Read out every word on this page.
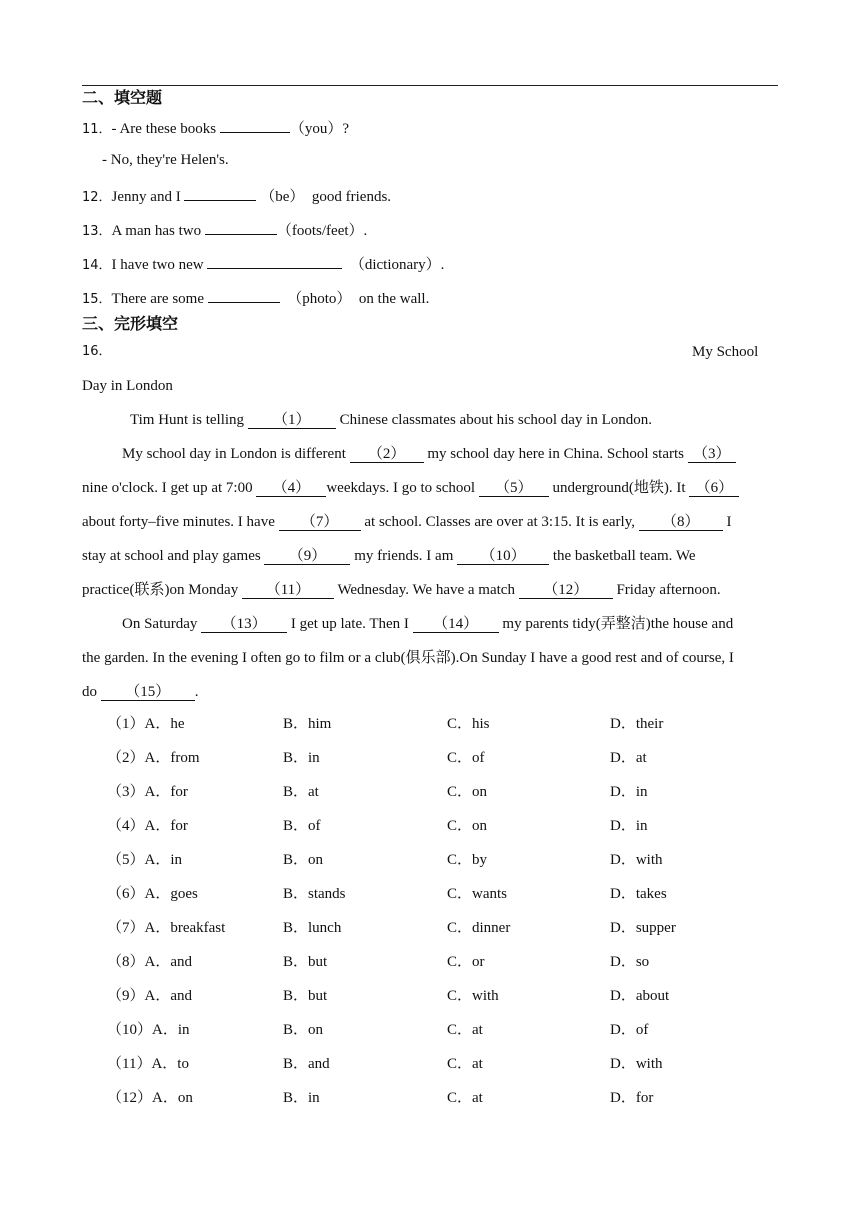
二、填空题
11．- Are these books	（you）?
- No, they're Helen's.
12．Jenny and I	（be） good friends.
13．A man has two	（foots/feet）.
14．I have two new	（dictionary）.
15．There are some	（photo） on the wall.
三、完形填空
16．	My School
Day in London
Tim Hunt is telling （1） Chinese classmates about his school day in London.
My school day in London is different （2） my school day here in China. School starts （3）
nine o'clock. I get up at 7:00 （4） weekdays. I go to school （5） underground(地铁). It （6）
about forty–five minutes. I have （7） at school. Classes are over at 3:15. It is early, （8） I
stay at school and play games （9） my friends. I am （10） the basketball team. We
practice(联系)on Monday （11） Wednesday. We have a match （12） Friday afternoon.
On Saturday （13） I get up late. Then I （14） my parents tidy(弄整洁)the house and
the garden. In the evening I often go to film or a club(俱乐部).On Sunday I have a good rest and of course, I
do （15） .
（1）A．he	B．him	C．his	D．their
（2）A．from	B．in	C．of	D．at
（3）A．for	B．at	C．on	D．in
（4）A．for	B．of	C．on	D．in
（5）A．in	B．on	C．by	D．with
（6）A．goes	B．stands	C．wants	D．takes
（7）A．breakfast	B．lunch	C．dinner	D．supper
（8）A．and	B．but	C．or	D．so
（9）A．and	B．but	C．with	D．about
（10）A．in	B．on	C．at	D．of
（11）A．to	B．and	C．at	D．with
（12）A．on	B．in	C．at	D．for
